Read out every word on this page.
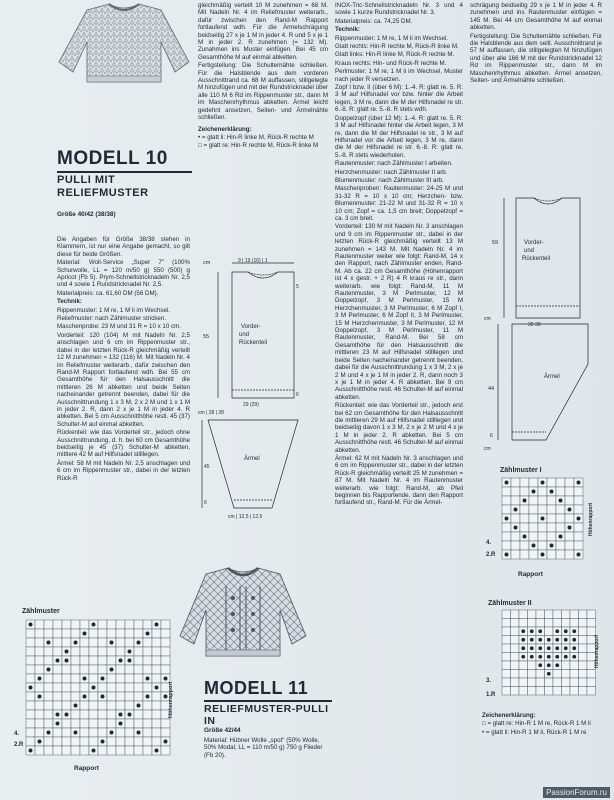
MODELL 10
PULLI MIT RELIEFMUSTER
Größe 40/42 (38/38)

Die Angaben für Größe 38/38 stehen in Klammern, ist nur eine Angabe gemacht, so gilt diese für beide Größen.

Material: Woll-Service „Super 7" (100% Schurwolle, LL = 120 m/50 g) 550 (500) g Apricot (Fb 5). Prym-Schnellstricknadeln Nr. 2,5 und 4 sowie 1 Rundstricknadel Nr. 2,5.

Materialpreis: ca. 61,60 DM (56 DM).

Technik:

Rippenmuster: 1 M re, 1 M li im Wechsel.

Reliefmuster: nach Zählmuster stricken.

Maschenprobe: 23 M und 31 R = 10 x 10 cm.

Vorderteil: 120 (104) M mit Nadeln Nr. 2,5 anschlagen und 6 cm im Rippenmuster str., dabei in der letzten Rück-R gleichmäßig verteilt 12 M zunehmen = 132 (116) M. Mit Nadeln Nr. 4 im Reliefmuster weiterarb., dafür zwischen den Rand-M Rapport fortlaufend wdh. Bei 55 cm Gesamthöhe für den Halsausschnitt die mittleren 26 M abketten und beide Seiten nacheinander getrennt beenden, dabei für die Ausschnittrundung 1 x 3 M, 2 x 2 M und 1 x 1 M in jeder 2. R, dann 2 x je 1 M in jeder 4. R abketten. Bei 5 cm Ausschnitthöhe restl. 45 (37) Schulter-M auf einmal abketten.

Rückenteil: wie das Vorderteil str., jedoch ohne Ausschnittrundung, d. h. bei 60 cm Gesamthöhe beidseitig je 45 (37) Schulter-M abketten, mittlere 42 M auf Hilfsnadel stilllegen.

Ärmel: 58 M mit Nadeln Nr. 2,5 anschlagen und 6 cm im Rippenmuster str., dabei in der letzten Rück-R

gleichmäßig verteilt 10 M zunehmen = 68 M. Mit Nadeln Nr. 4 im Reliefmuster weiterarb., dafür zwischen den Rand-M Rapport fortlaufend wdh. Für die Ärmelschrägung beidseitig 27 x je 1 M in jeder 4. R und 5 x je 1 M in jeder 2. R zunehmen (= 132 M). Zunahmen ins Muster einfügen. Bei 45 cm Gesamthöhe M auf einmal abketten.

Fertigstellung: Die Schulternähte schließen. Für die Halsblende aus dem vorderen Ausschnittrand ca. 68 M auffassen, stillgelegte M hinzufügen und mit der Rundstricknadel über alle 110 M 6 Rd im Rippenmuster str., dann M im Maschenrhythmus abketten. Ärmel leicht gedehnt ansetzen, Seiten- und Ärmelnähte schließen.

Zeichenerklärung:

• = glatt li: Hin-R linke M, Rück-R rechte M

□ = glatt re: Hin-R rechte M, Rück-R linke M

Vorder-
und
Rückenteil
55
cm	9 | 19 (16) | 1
29 (29)
5
6
Ärmel
cm | 28 | 28
45
6
cm | 12,5 | 12,5
Zählmuster
4.
2.R
Höhenrapport
Rapport
MODELL 11
RELIEFMUSTER-PULLI IN
Größe 42/44
Material: Hübner Wolle „spot" (50% Wolle, 50% Modal, LL = 110 m/50 g) 750 g Flieder (Fb 20).

INOX-Tric-Schnellstricknadeln Nr. 3 und 4 sowie 1 kurze Rundstricknadel Nr. 3.

Materialpreis: ca. 74,25 DM.

Technik:

Rippenmuster: 1 M re, 1 M li im Wechsel.

Glatt rechts: Hin-R rechte M, Rück-R linke M.

Glatt links: Hin-R linke M, Rück-R rechte M.

Kraus rechts: Hin- und Rück-R rechte M.

Perlmuster: 1 M re, 1 M li im Wechsel, Muster nach jeder R versetzen.

Zopf I bzw. II (über 6 M): 1.-4. R: glatt re. 5. R: 3 M auf Hilfsnadel vor bzw. hinter die Arbeit legen, 3 M re, dann die M der Hilfsnadel re str. 6.-8. R: glatt re. 5.-8. R stets wdh.

Doppelzopf (über 12 M): 1.-4. R: glatt re. 5. R: 3 M auf Hilfsnadel hinter die Arbeit legen, 3 M re, dann die M der Hilfsnadel re str., 3 M auf Hilfsnadel vor die Arbeit legen, 3 M re, dann die M der Hilfsnadel re str. 6.-8. R: glatt re. 5.-8. R stets wiederholen.

Rautenmuster: nach Zählmuster I arbeiten.

Herzchenmuster: nach Zählmuster II arb.

Blumenmuster: nach Zählmuster III arb.

Maschenproben: Rautenmuster: 24-25 M und 31-32 R = 10 x 10 cm; Herzchen- bzw. Blumenmuster: 21-22 M und 31-32 R = 10 x 10 cm; Zopf = ca. 1,5 cm breit; Doppelzopf = ca. 3 cm breit.

Vorderteil: 130 M mit Nadeln Nr. 3 anschlagen und 9 cm im Rippenmuster str., dabei in der letzten Rück-R gleichmäßig verteilt 13 M zunehmen = 143 M. Mit Nadeln Nr. 4 im Rautenmuster weiter wie folgt: Rand-M, 14 x den Rapport, nach Zählmuster enden, Rand-M. Ab ca. 22 cm Gesamthöhe (Höhenrapport ist 4 x gestr. + 2 R) 4 R kraus re str., dann weiterarb. wie folgt: Rand-M, 11 M Rautenmuster, 3 M Perlmuster, 12 M Doppelzopf, 3 M Perlmuster, 15 M Herzchenmuster, 3 M Perlmuster, 6 M Zopf I, 3 M Perlmuster, 6 M Zopf II, 3 M Perlmuster, 15 M Herzchenmuster, 3 M Perlmuster, 12 M Doppelzopf, 3 M Perlmuster, 11 M Rautenmuster, Rand-M. Bei 58 cm Gesamthöhe für den Halsausschnitt die mittleren 23 M auf Hilfsnadel stilllegen und beide Seiten nacheinander getrennt beenden, dabei für die Ausschnittrundung 1 x 3 M, 2 x je 2 M und 4 x je 1 M in jeder 2. R, dann noch 3 x je 1 M in jeder 4. R abketten. Bei 9 cm Ausschnitthöhe restl. 46 Schulter-M auf einmal abketten.

Rückenteil: wie das Vorderteil str., jedoch erst bei 62 cm Gesamthöhe für den Halsausschnitt die mittleren 29 M auf Hilfsnadel stilllegen und beidseitig davon 1 x 3 M, 2 x je 2 M und 4 x je 1 M in jeder 2. R abketten. Bei 5 cm Ausschnitthöhe restl. 46 Schulter-M auf einmal abketten.

Ärmel: 62 M mit Nadeln Nr. 3 anschlagen und 6 cm im Rippenmuster str., dabei in der letzten Rück-R gleichmäßig verteilt 25 M zunehmen = 87 M. Mit Nadeln Nr. 4 im Rautenmuster weiterarb. wie folgt: Rand-M, ab Pfeil beginnen bis Rapportende, dann den Rapport fortlaufend str., Rand-M. Für die Ärmel-

schrägung beidseitig 29 x je 1 M in jeder 4. R zunehmen und ins Rautenmuster einfügen = 145 M. Bei 44 cm Gesamthöhe M auf einmal abketten.

Fertigstellung: Die Schulternähte schließen. Für die Halsblende aus dem seitl. Ausschnittrand je 57 M auffassen, die stillgelegten M hinzufügen und über alle 166 M mit der Rundstricknadel 12 Rd im Rippenmuster str., dann M im Maschenrhythmus abketten. Ärmel ansetzen, Seiten- und Ärmelnähte schließen.

Vorder-
und
Rückenteil
59
cm
30 30
Ärmel
44
6
cm
Zählmuster I
4.
2.R
Höhenrapport
Rapport
Zählmuster II
3.
1.R
Höhenrapport

Zeichenerklärung:

□ = glatt re: Hin-R 1 M re, Rück-R 1 M li

• = glatt li: Hin-R 1 M li, Rück-R 1 M re

PassionForum.ru
